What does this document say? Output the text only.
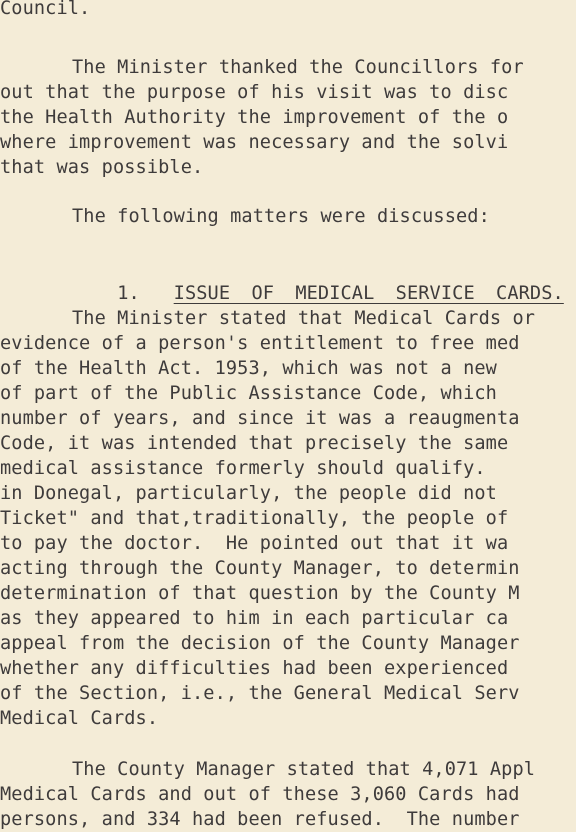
Council.
The Minister thanked the Councillors for
out that the purpose of his visit was to disc
the Health Authority the improvement of the o
where improvement was necessary and the solvi
that was possible.
The following matters were discussed:

1. ISSUE OF MEDICAL SERVICE CARDS.

The Minister stated that Medical Cards or
evidence of a person's entitlement to free med
of the Health Act. 1953, which was not a new
of part of the Public Assistance Code, which
number of years, and since it was a reaugmenta
Code, it was intended that precisely the same
medical assistance formerly should qualify.
in Donegal, particularly, the people did not
Ticket" and that,traditionally, the people of
to pay the doctor.  He pointed out that it wa
acting through the County Manager, to determin
determination of that question by the County M
as they appeared to him in each particular ca
appeal from the decision of the County Manager
whether any difficulties had been experienced
of the Section, i.e., the General Medical Serv
Medical Cards.
The County Manager stated that 4,071 Appl
Medical Cards and out of these 3,060 Cards had
persons, and 334 had been refused.  The number
